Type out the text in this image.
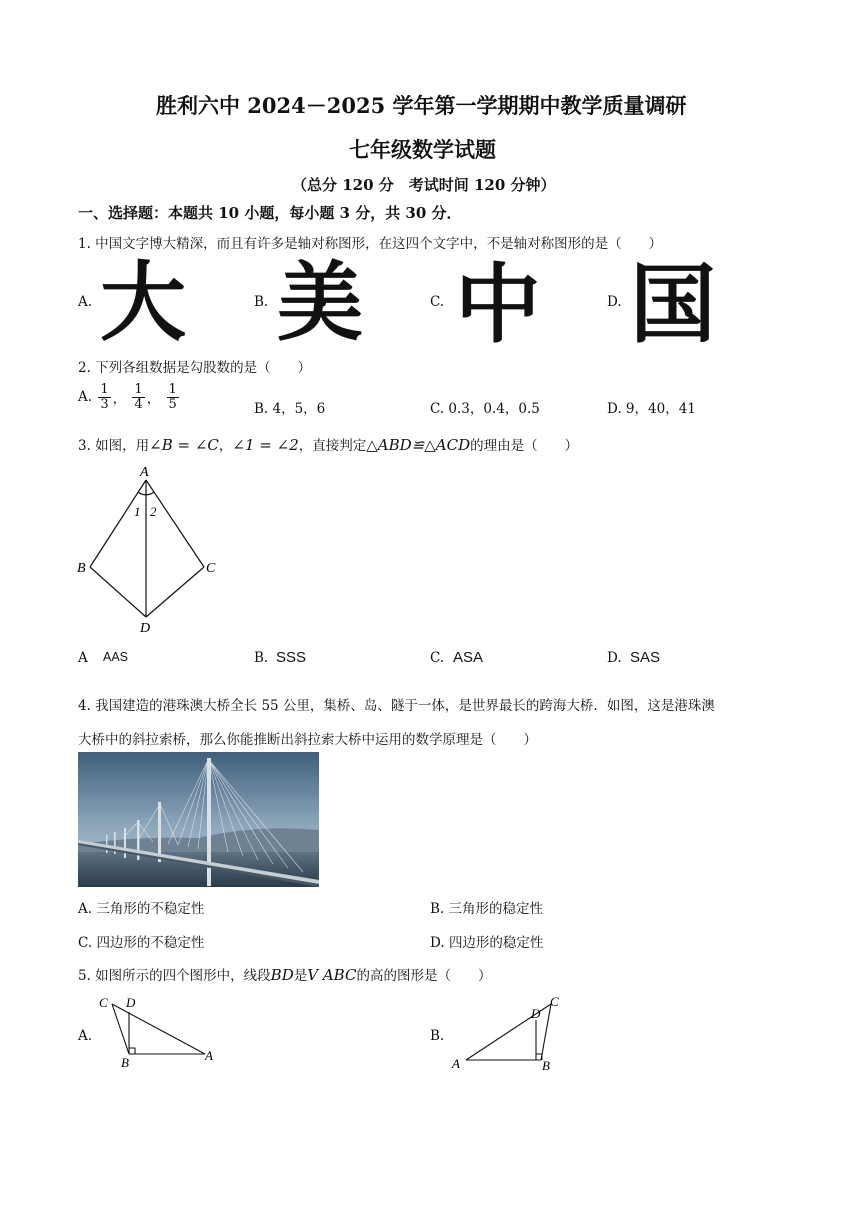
胜利六中 2024－2025 学年第一学期期中教学质量调研
七年级数学试题
（总分 120 分　考试时间 120 分钟）
一、选择题：本题共 10 小题，每小题 3 分，共 30 分．
1. 中国文字博大精深，而且有许多是轴对称图形，在这四个文字中，不是轴对称图形的是（　　）
A. 大	B. 美	C. 中	D. 国
2. 下列各组数据是勾股数的是（　　）
A. $\frac{1}{3}$ ， $\frac{1}{4}$ ， $\frac{1}{5}$	B. 4，5，6	C. 0.3，0.4，0.5	D. 9，40，41
3. 如图，用∠B = ∠C，∠1 = ∠2，直接判定△ABD≌△ACD的理由是（　　）
A
B	C
D
1 2
A AAS	B. SSS	C. ASA	D. SAS
4. 我国建造的港珠澳大桥全长 55 公里，集桥、岛、隧于一体，是世界最长的跨海大桥．如图，这是港珠澳
大桥中的斜拉索桥，那么你能推断出斜拉索大桥中运用的数学原理是（　　）
A. 三角形的不稳定性	B. 三角形的稳定性
C. 四边形的不稳定性	D. 四边形的稳定性
5. 如图所示的四个图形中，线段BD是V ABC的高的图形是（　　）
A.
C D
B	A
B.
C
D
B
A
